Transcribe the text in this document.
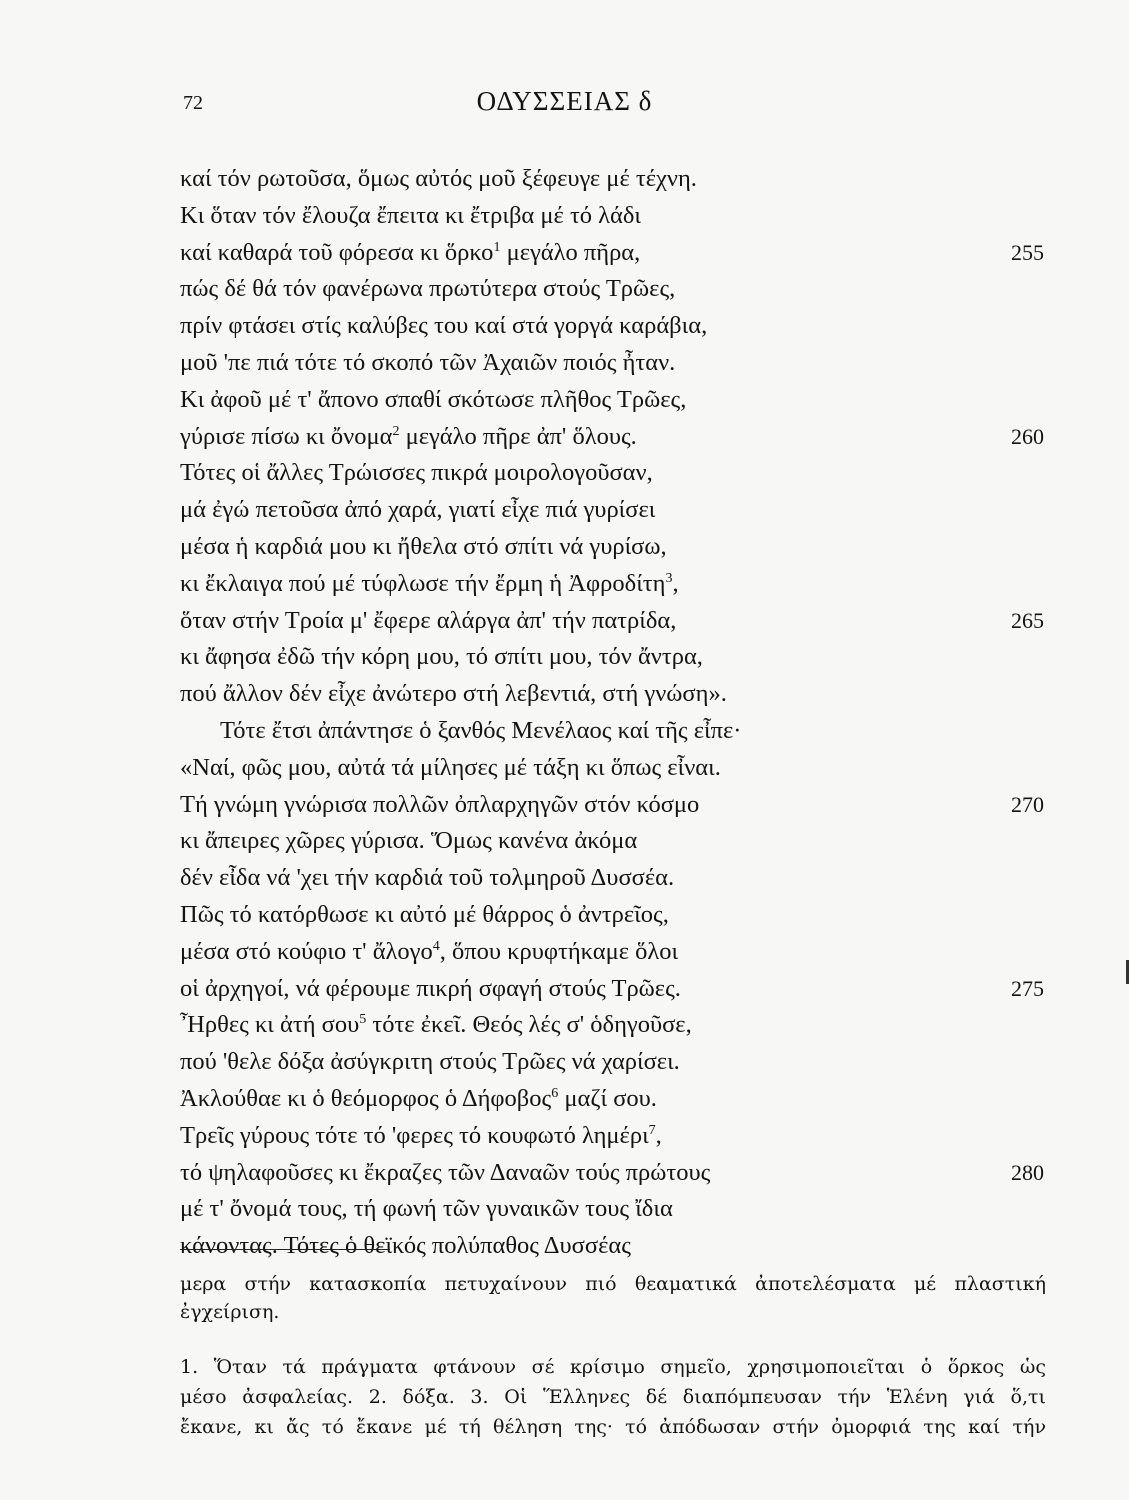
72	ΟΔΥΣΣΕΙΑΣ δ
καί τόν ρωτοῦσα, ὅμως αὐτός μοῦ ξέφευγε μέ τέχνη.
Κι ὅταν τόν ἔλουζα ἔπειτα κι ἔτριβα μέ τό λάδι
καί καθαρά τοῦ φόρεσα κι ὅρκο$^1$ μεγάλο πῆρα,	255
πώς δέ θά τόν φανέρωνα πρωτύτερα στούς Τρῶες,
πρίν φτάσει στίς καλύβες του καί στά γοργά καράβια,
μοῦ 'πε πιά τότε τό σκοπό τῶν Ἀχαιῶν ποιός ἦταν.
Κι ἀφοῦ μέ τ' ἄπονο σπαθί σκότωσε πλῆθος Τρῶες,
γύρισε πίσω κι ὄνομα$^2$ μεγάλο πῆρε ἀπ' ὅλους.	260
Τότες οἱ ἄλλες Τρώισσες πικρά μοιρολογοῦσαν,
μά ἐγώ πετοῦσα ἀπό χαρά, γιατί εἶχε πιά γυρίσει
μέσα ἡ καρδιά μου κι ἤθελα στό σπίτι νά γυρίσω,
κι ἔκλαιγα πού μέ τύφλωσε τήν ἔρμη ἡ Ἀφροδίτη$^3$,
ὅταν στήν Τροία μ' ἔφερε αλάργα ἀπ' τήν πατρίδα,	265
κι ἄφησα ἐδῶ τήν κόρη μου, τό σπίτι μου, τόν ἄντρα,
πού ἄλλον δέν εἶχε ἀνώτερο στή λεβεντιά, στή γνώση».
Τότε ἔτσι ἀπάντησε ὁ ξανθός Μενέλαος καί τῆς εἶπε·
«Ναί, φῶς μου, αὐτά τά μίλησες μέ τάξη κι ὅπως εἶναι.
Τή γνώμη γνώρισα πολλῶν ὀπλαρχηγῶν στόν κόσμο	270
κι ἄπειρες χῶρες γύρισα. Ὅμως κανένα ἀκόμα
δέν εἶδα νά 'χει τήν καρδιά τοῦ τολμηροῦ Δυσσέα.
Πῶς τό κατόρθωσε κι αὐτό μέ θάρρος ὁ ἀντρεῖος,
μέσα στό κούφιο τ' ἄλογο$^4$, ὅπου κρυφτήκαμε ὅλοι
οἱ ἀρχηγοί, νά φέρουμε πικρή σφαγή στούς Τρῶες.	275
Ἦρθες κι ἀτή σου$^5$ τότε ἐκεῖ. Θεός λές σ' ὁδηγοῦσε,
πού 'θελε δόξα ἀσύγκριτη στούς Τρῶες νά χαρίσει.
Ἀκλούθαε κι ὁ θεόμορφος ὁ Δήφοβος$^6$ μαζί σου.
Τρεῖς γύρους τότε τό 'φερες τό κουφωτό λημέρι$^7$,
τό ψηλαφοῦσες κι ἔκραζες τῶν Δαναῶν τούς πρώτους	280
μέ τ' ὄνομά τους, τή φωνή τῶν γυναικῶν τους ἴδια
κάνοντας. Τότες ὁ θεϊκός πολύπαθος Δυσσέας
μερα στήν κατασκοπία πετυχαίνουν πιό θεαματικά ἀποτελέσματα μέ πλαστική
ἐγχείριση.
1. Ὅταν τά πράγματα φτάνουν σέ κρίσιμο σημεῖο, χρησιμοποιεῖται ὁ ὅρκος ὡς
μέσο ἀσφαλείας. 2. δόξα. 3. Οἱ Ἕλληνες δέ διαπόμπευσαν τήν Ἑλένη γιά ὅ,τι
ἔκανε, κι ἄς τό ἔκανε μέ τή θέληση της· τό ἀπόδωσαν στήν ὀμορφιά της καί τήν
